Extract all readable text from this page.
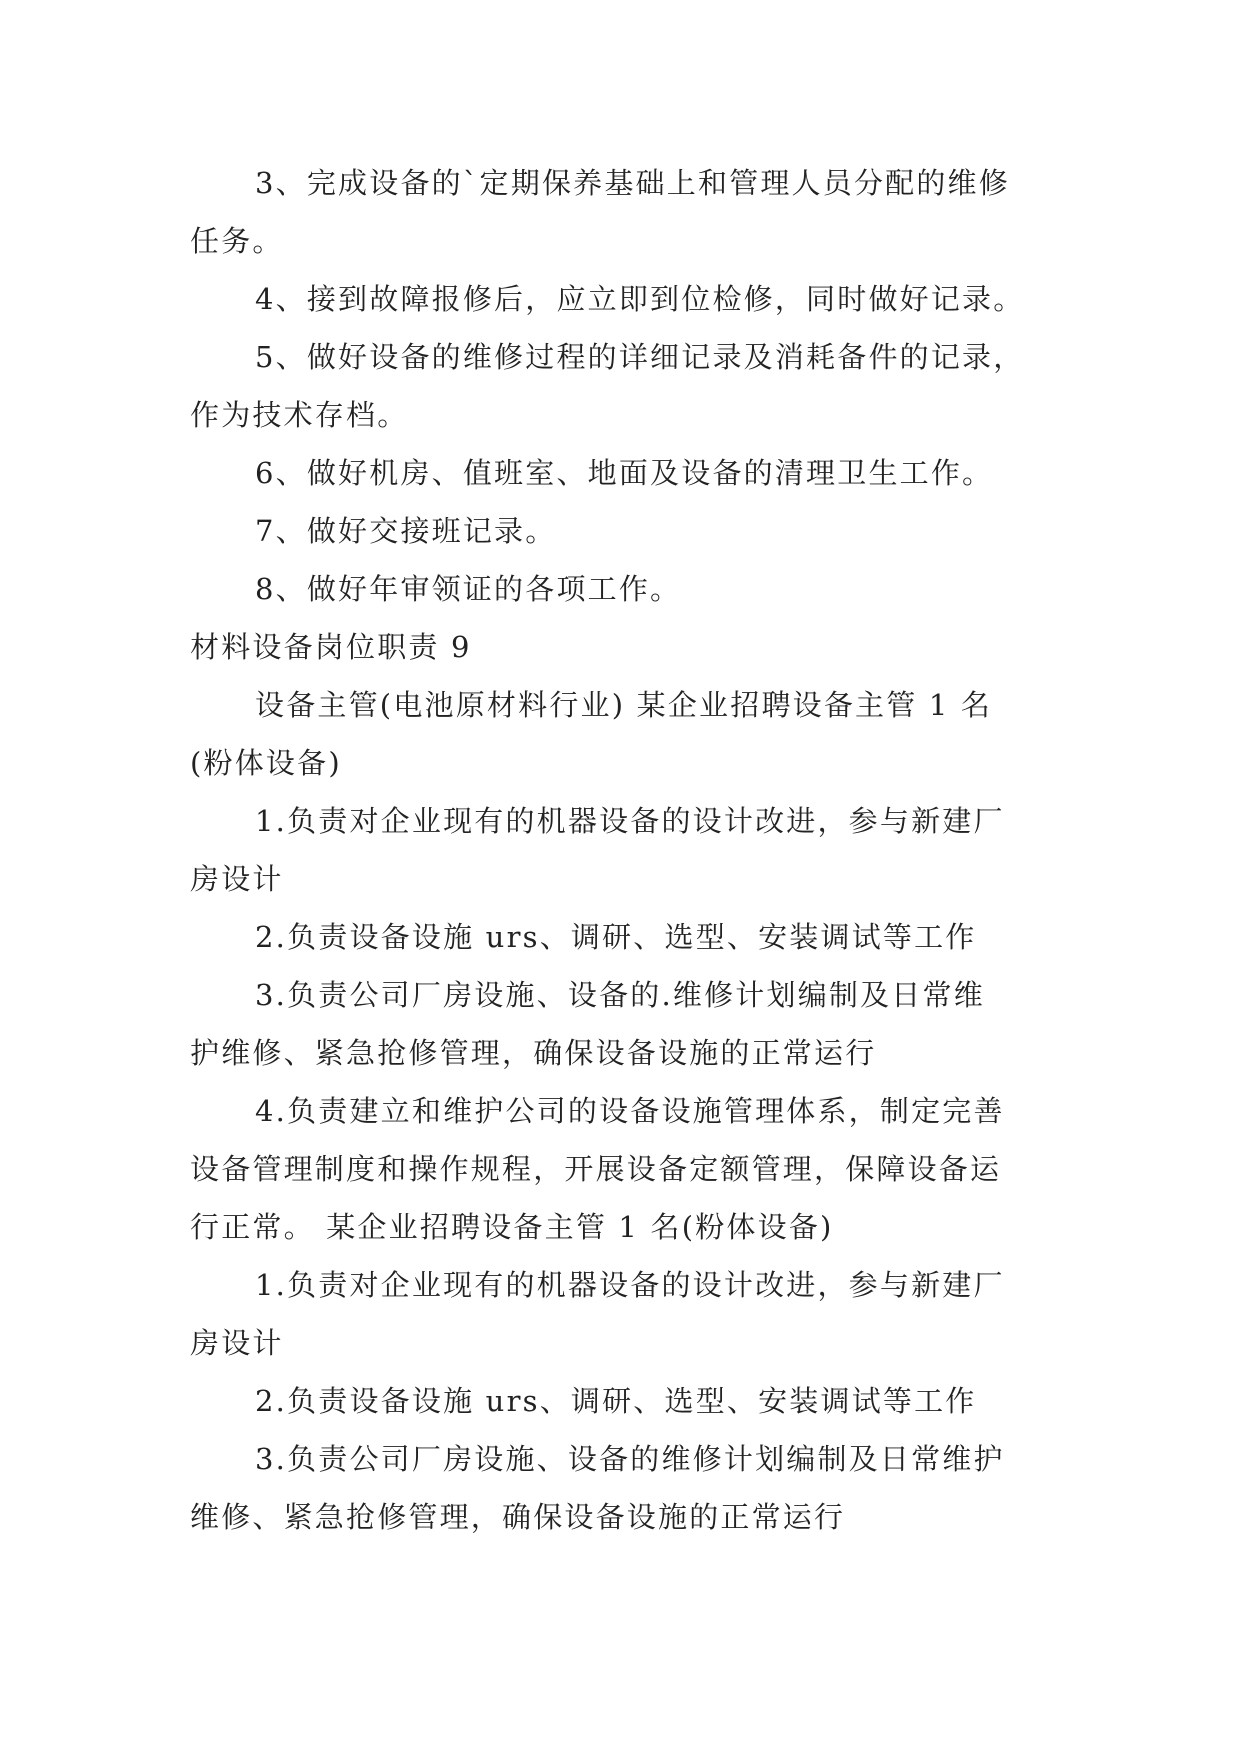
3、完成设备的`定期保养基础上和管理人员分配的维修
任务。
4、接到故障报修后，应立即到位检修，同时做好记录。
5、做好设备的维修过程的详细记录及消耗备件的记录，
作为技术存档。
6、做好机房、值班室、地面及设备的清理卫生工作。
7、做好交接班记录。
8、做好年审领证的各项工作。
材料设备岗位职责 9
设备主管(电池原材料行业) 某企业招聘设备主管 1 名
(粉体设备)
1.负责对企业现有的机器设备的设计改进，参与新建厂
房设计
2.负责设备设施 urs、调研、选型、安装调试等工作
3.负责公司厂房设施、设备的.维修计划编制及日常维
护维修、紧急抢修管理，确保设备设施的正常运行
4.负责建立和维护公司的设备设施管理体系，制定完善
设备管理制度和操作规程，开展设备定额管理，保障设备运
行正常。 某企业招聘设备主管 1 名(粉体设备)
1.负责对企业现有的机器设备的设计改进，参与新建厂
房设计
2.负责设备设施 urs、调研、选型、安装调试等工作
3.负责公司厂房设施、设备的维修计划编制及日常维护
维修、紧急抢修管理，确保设备设施的正常运行
